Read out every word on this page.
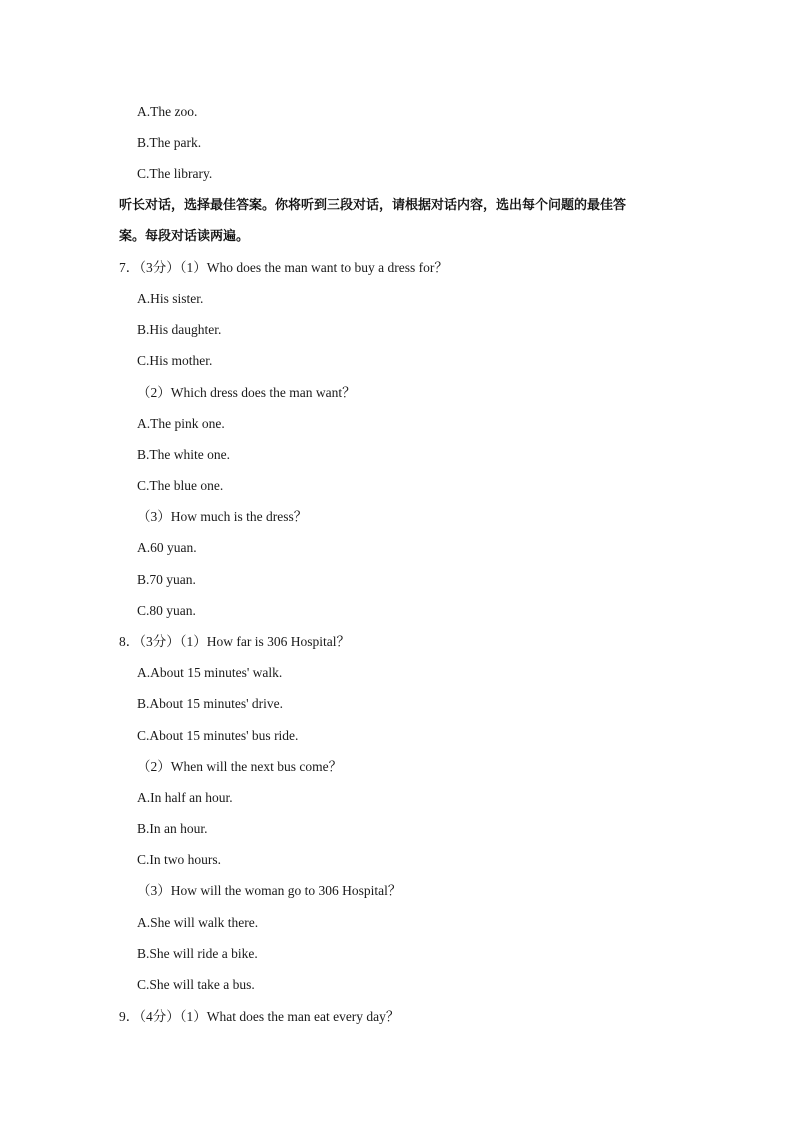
A.The zoo.
B.The park.
C.The library.
听长对话，选择最佳答案。你将听到三段对话，请根据对话内容，选出每个问题的最佳答
案。每段对话读两遍。
7．（3分）（1）Who does the man want to buy a dress for？
A.His sister.
B.His daughter.
C.His mother.
（2）Which dress does the man want？
A.The pink one.
B.The white one.
C.The blue one.
（3）How much is the dress？
A.60 yuan.
B.70 yuan.
C.80 yuan.
8．（3分）（1）How far is 306 Hospital？
A.About 15 minutes' walk.
B.About 15 minutes' drive.
C.About 15 minutes' bus ride.
（2）When will the next bus come？
A.In half an hour.
B.In an hour.
C.In two hours.
（3）How will the woman go to 306 Hospital？
A.She will walk there.
B.She will ride a bike.
C.She will take a bus.
9．（4分）（1）What does the man eat every day？
